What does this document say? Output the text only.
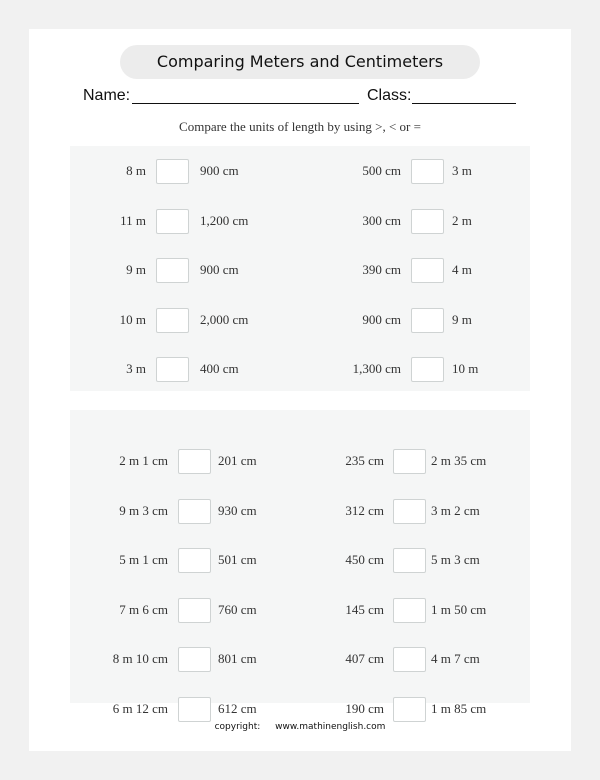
Comparing Meters and Centimeters
Name:	Class:
Compare the units of length by using >, < or =
8 m	900 cm	500 cm	3 m
11 m	1,200 cm	300 cm	2 m
9 m	900 cm	390 cm	4 m
10 m	2,000 cm	900 cm	9 m
3 m	400 cm	1,300 cm	10 m
2 m 1 cm	201 cm	235 cm	2 m 35 cm
9 m 3 cm	930 cm	312 cm	3 m 2 cm
5 m 1 cm	501 cm	450 cm	5 m 3 cm
7 m 6 cm	760 cm	145 cm	1 m 50 cm
8 m 10 cm	801 cm	407 cm	4 m 7 cm
6 m 12 cm	612 cm	190 cm	1 m 85 cm
copyright: www.mathinenglish.com
